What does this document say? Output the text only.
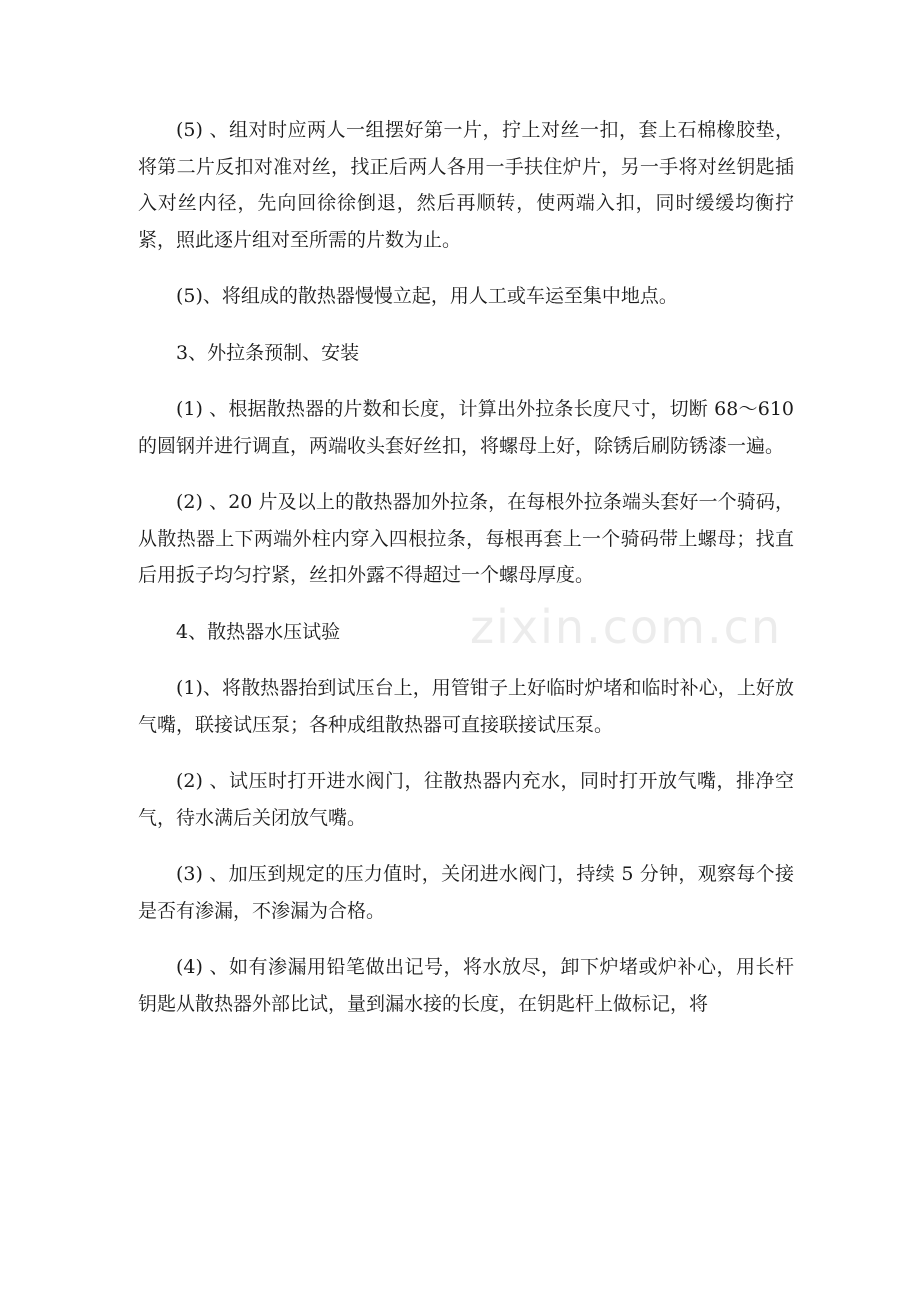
(5) 、组对时应两人一组摆好第一片，拧上对丝一扣，套上石棉橡胶垫，将第二片反扣对准对丝，找正后两人各用一手扶住炉片，另一手将对丝钥匙插入对丝内径，先向回徐徐倒退，然后再顺转，使两端入扣，同时缓缓均衡拧紧，照此逐片组对至所需的片数为止。

(5)、将组成的散热器慢慢立起，用人工或车运至集中地点。

3、外拉条预制、安装

(1) 、根据散热器的片数和长度，计算出外拉条长度尺寸，切断 68～610 的圆钢并进行调直，两端收头套好丝扣，将螺母上好，除锈后刷防锈漆一遍。

(2) 、20 片及以上的散热器加外拉条，在每根外拉条端头套好一个骑码，从散热器上下两端外柱内穿入四根拉条，每根再套上一个骑码带上螺母；找直后用扳子均匀拧紧，丝扣外露不得超过一个螺母厚度。

4、散热器水压试验

(1)、将散热器抬到试压台上，用管钳子上好临时炉堵和临时补心，上好放气嘴，联接试压泵；各种成组散热器可直接联接试压泵。

(2) 、试压时打开进水阀门，往散热器内充水，同时打开放气嘴，排净空气，待水满后关闭放气嘴。

(3) 、加压到规定的压力值时，关闭进水阀门，持续 5 分钟，观察每个接是否有渗漏，不渗漏为合格。

(4) 、如有渗漏用铅笔做出记号，将水放尽，卸下炉堵或炉补心，用长杆钥匙从散热器外部比试，量到漏水接的长度，在钥匙杆上做标记，将

zixin.com.cn
